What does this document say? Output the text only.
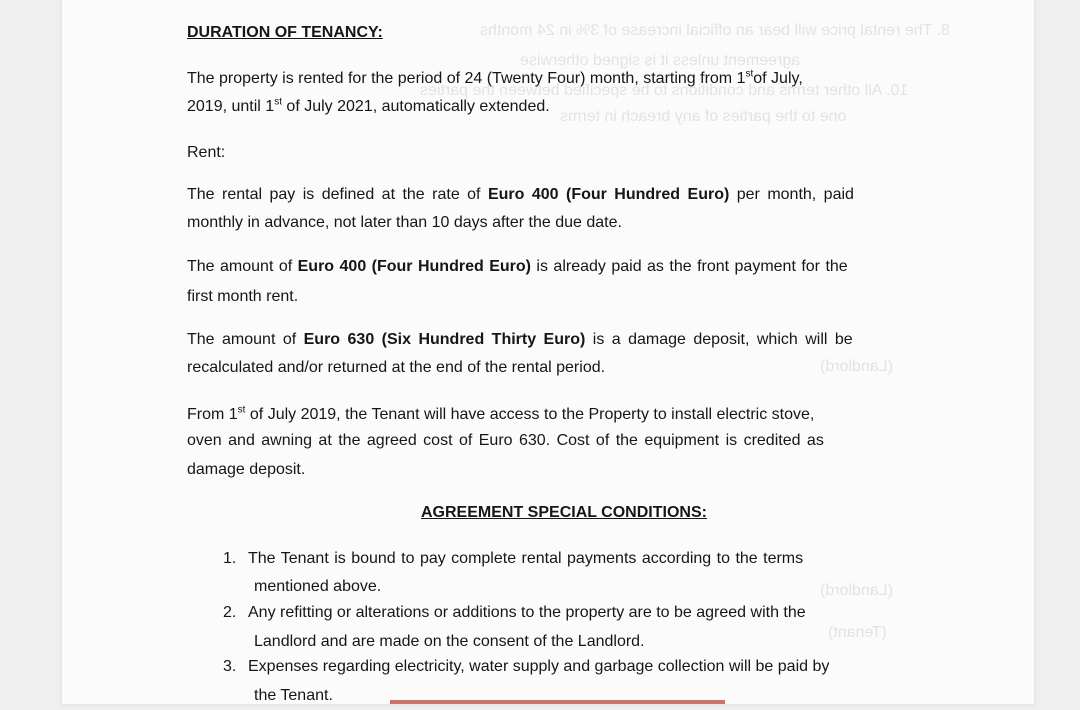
8. The rental price will bear an official increase of 3% in 24 months
agreement unless it is signed otherwise
10. All other terms and conditions to be specified between the parties
one to the parties of any breach in terms
(Landlord)
(Landlord)
(Tenant)
DURATION OF TENANCY:
The property is rented for the period of 24 (Twenty Four) month, starting from 1stof July,
2019, until 1st of July 2021, automatically extended.
Rent:
The rental pay is defined at the rate of Euro 400 (Four Hundred Euro) per month, paid
monthly in advance, not later than 10 days after the due date.
The amount of Euro 400 (Four Hundred Euro) is already paid as the front payment for the
first month rent.
The amount of Euro 630 (Six Hundred Thirty Euro) is a damage deposit, which will be
recalculated and/or returned at the end of the rental period.
From 1st of July 2019, the Tenant will have access to the Property to install electric stove,
oven and awning at the agreed cost of Euro 630. Cost of the equipment is credited as
damage deposit.
AGREEMENT SPECIAL CONDITIONS:
1. The Tenant is bound to pay complete rental payments according to the terms
mentioned above.
2. Any refitting or alterations or additions to the property are to be agreed with the
Landlord and are made on the consent of the Landlord.
3. Expenses regarding electricity, water supply and garbage collection will be paid by
the Tenant.
